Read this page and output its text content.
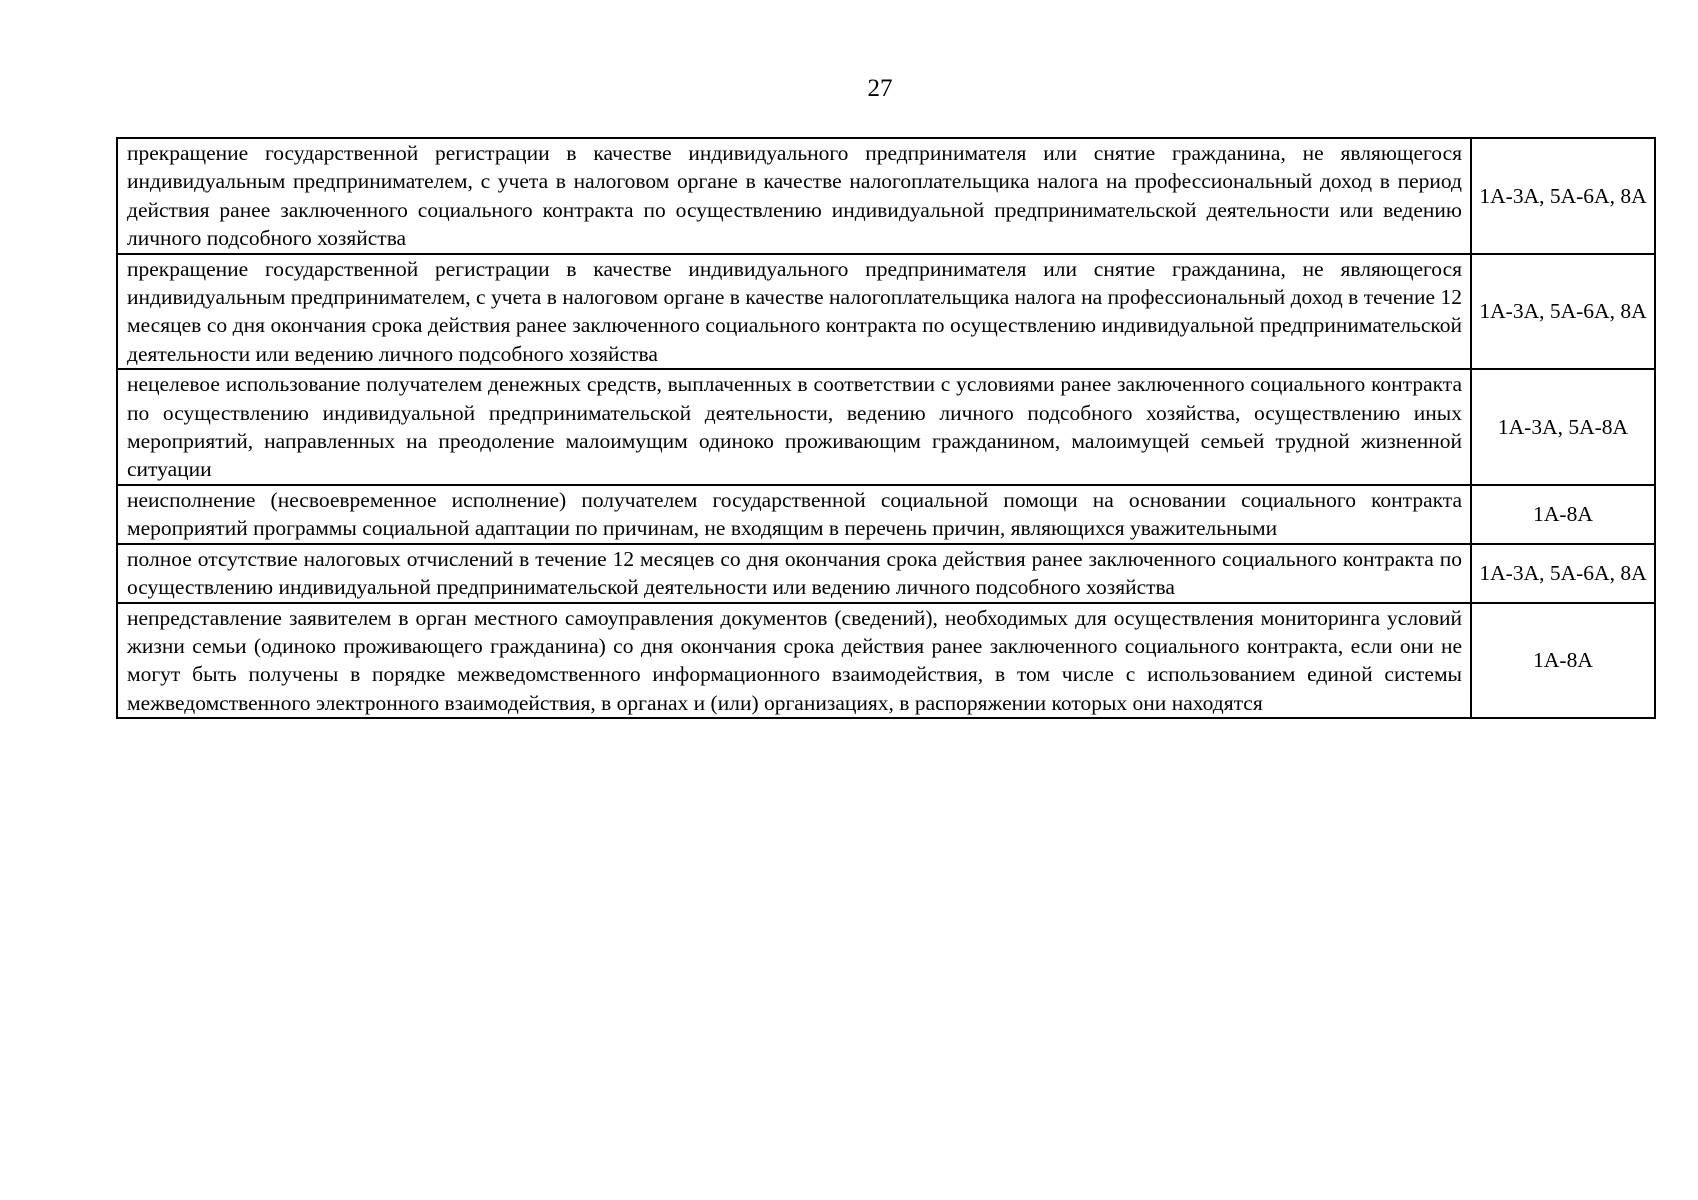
27
прекращение государственной регистрации в качестве индивидуального предпринимателя или снятие гражданина, не являющегося индивидуальным предпринимателем, с учета в налоговом органе в качестве налогоплательщика налога на профессиональный доход в период действия ранее заключенного социального контракта по осуществлению индивидуальной предпринимательской деятельности или ведению личного подсобного хозяйства	1А-3А, 5А-6А, 8А
прекращение государственной регистрации в качестве индивидуального предпринимателя или снятие гражданина, не являющегося индивидуальным предпринимателем, с учета в налоговом органе в качестве налогоплательщика налога на профессиональный доход в течение 12 месяцев со дня окончания срока действия ранее заключенного социального контракта по осуществлению индивидуальной предпринимательской деятельности или ведению личного подсобного хозяйства	1А-3А, 5А-6А, 8А
нецелевое использование получателем денежных средств, выплаченных в соответствии с условиями ранее заключенного социального контракта по осуществлению индивидуальной предпринимательской деятельности, ведению личного подсобного хозяйства, осуществлению иных мероприятий, направленных на преодоление малоимущим одиноко проживающим гражданином, малоимущей семьей трудной жизненной ситуации	1А-3А, 5А-8А
неисполнение (несвоевременное исполнение) получателем государственной социальной помощи на основании социального контракта мероприятий программы социальной адаптации по причинам, не входящим в перечень причин, являющихся уважительными	1А-8А
полное отсутствие налоговых отчислений в течение 12 месяцев со дня окончания срока действия ранее заключенного социального контракта по осуществлению индивидуальной предпринимательской деятельности или ведению личного подсобного хозяйства	1А-3А, 5А-6А, 8А
непредставление заявителем в орган местного самоуправления документов (сведений), необходимых для осуществления мониторинга условий жизни семьи (одиноко проживающего гражданина) со дня окончания срока действия ранее заключенного социального контракта, если они не могут быть получены в порядке межведомственного информационного взаимодействия, в том числе с использованием единой системы межведомственного электронного взаимодействия, в органах и (или) организациях, в распоряжении которых они находятся	1А-8А
